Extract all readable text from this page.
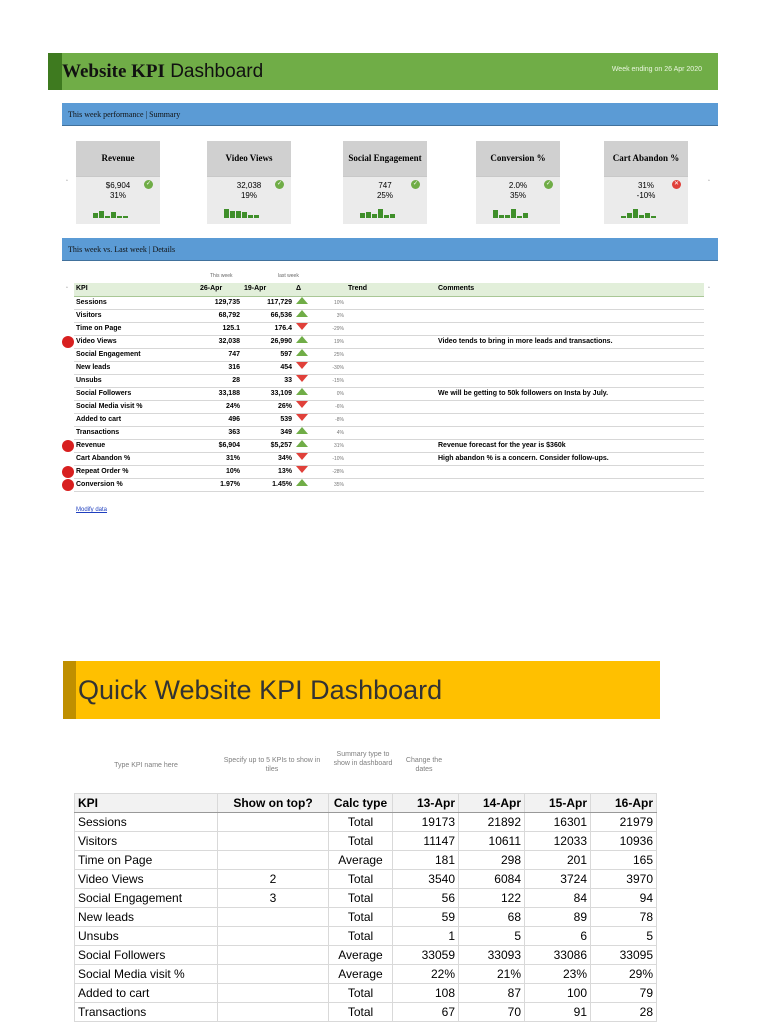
Website KPI Dashboard	Week ending on 26 Apr 2020
This week performance | Summary
▫	▫
Revenue
$6,904
31%
✓
Video Views
32,038
19%
✓
Social Engagement
747
25%
✓
Conversion %
2.0%
35%
✓
Cart Abandon %
31%
-10%
✕
This week vs. Last week | Details
This week	last week
▫	▫
KPI	26-Apr	19-Apr	Δ		Trend	Comments
Sessions	129,735	117,729		10%		
Visitors	68,792	66,536		3%		
Time on Page	125.1	176.4		-29%		

Video Views	32,038	26,990		19%		Video tends to bring in more leads and transactions.
Social Engagement	747	597		25%		
New leads	316	454		-30%		
Unsubs	28	33		-15%		
Social Followers	33,188	33,109		0%		We will be getting to 50k followers on Insta by July.
Social Media visit %	24%	26%		-6%		
Added to cart	496	539		-8%		
Transactions	363	349		4%		

Revenue	$6,904	$5,257		31%		Revenue forecast for the year is $360k
Cart Abandon %	31%	34%		-10%		High abandon % is a concern. Consider follow-ups.

Repeat Order %	10%	13%		-28%		

Conversion %	1.97%	1.45%		35%		
Modify data
Quick Website KPI Dashboard
Type KPI name here
Specify up to 5 KPIs to show in tiles
Summary type to show in dashboard	Change the dates
KPI	Show on top?	Calc type	13-Apr	14-Apr	15-Apr	16-Apr
Sessions		Total	19173	21892	16301	21979
Visitors		Total	11147	10611	12033	10936
Time on Page		Average	181	298	201	165
Video Views	2	Total	3540	6084	3724	3970
Social Engagement	3	Total	56	122	84	94
New leads		Total	59	68	89	78
Unsubs		Total	1	5	6	5
Social Followers		Average	33059	33093	33086	33095
Social Media visit %		Average	22%	21%	23%	29%
Added to cart		Total	108	87	100	79
Transactions		Total	67	70	91	28
